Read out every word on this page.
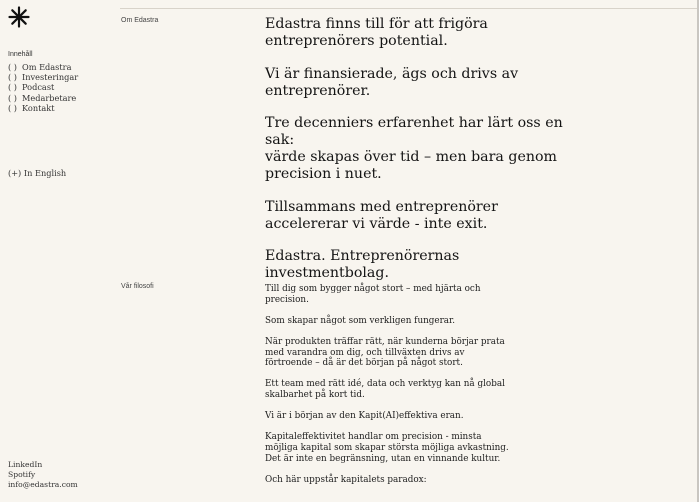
Innehåll
( ) Om Edastra
( ) Investeringar
( ) Podcast
( ) Medarbetare
( ) Kontakt
(+) In English
LinkedIn
Spotify
info@edastra.com
Om Edastra	Edastra finns till för att frigöra entreprenörers potential.

Vi är finansierade, ägs och drivs av entreprenörer.

Tre decenniers erfarenhet har lärt oss en sak:
värde skapas över tid – men bara genom precision i nuet.

Tillsammans med entreprenörer accelererar vi värde - inte exit.

Edastra. Entreprenörernas investmentbolag.

Vår filosofi	Till dig som bygger något stort – med hjärta och precision.

Som skapar något som verkligen fungerar.

När produkten träffar rätt, när kunderna börjar prata med varandra om dig, och tillväxten drivs av förtroende – då är det början på något stort.

Ett team med rätt idé, data och verktyg kan nå global skalbarhet på kort tid.

Vi är i början av den Kapit(AI)effektiva eran.

Kapitaleffektivitet handlar om precision - minsta möjliga kapital som skapar största möjliga avkastning. Det är inte en begränsning, utan en vinnande kultur.

Och här uppstår kapitalets paradox:
